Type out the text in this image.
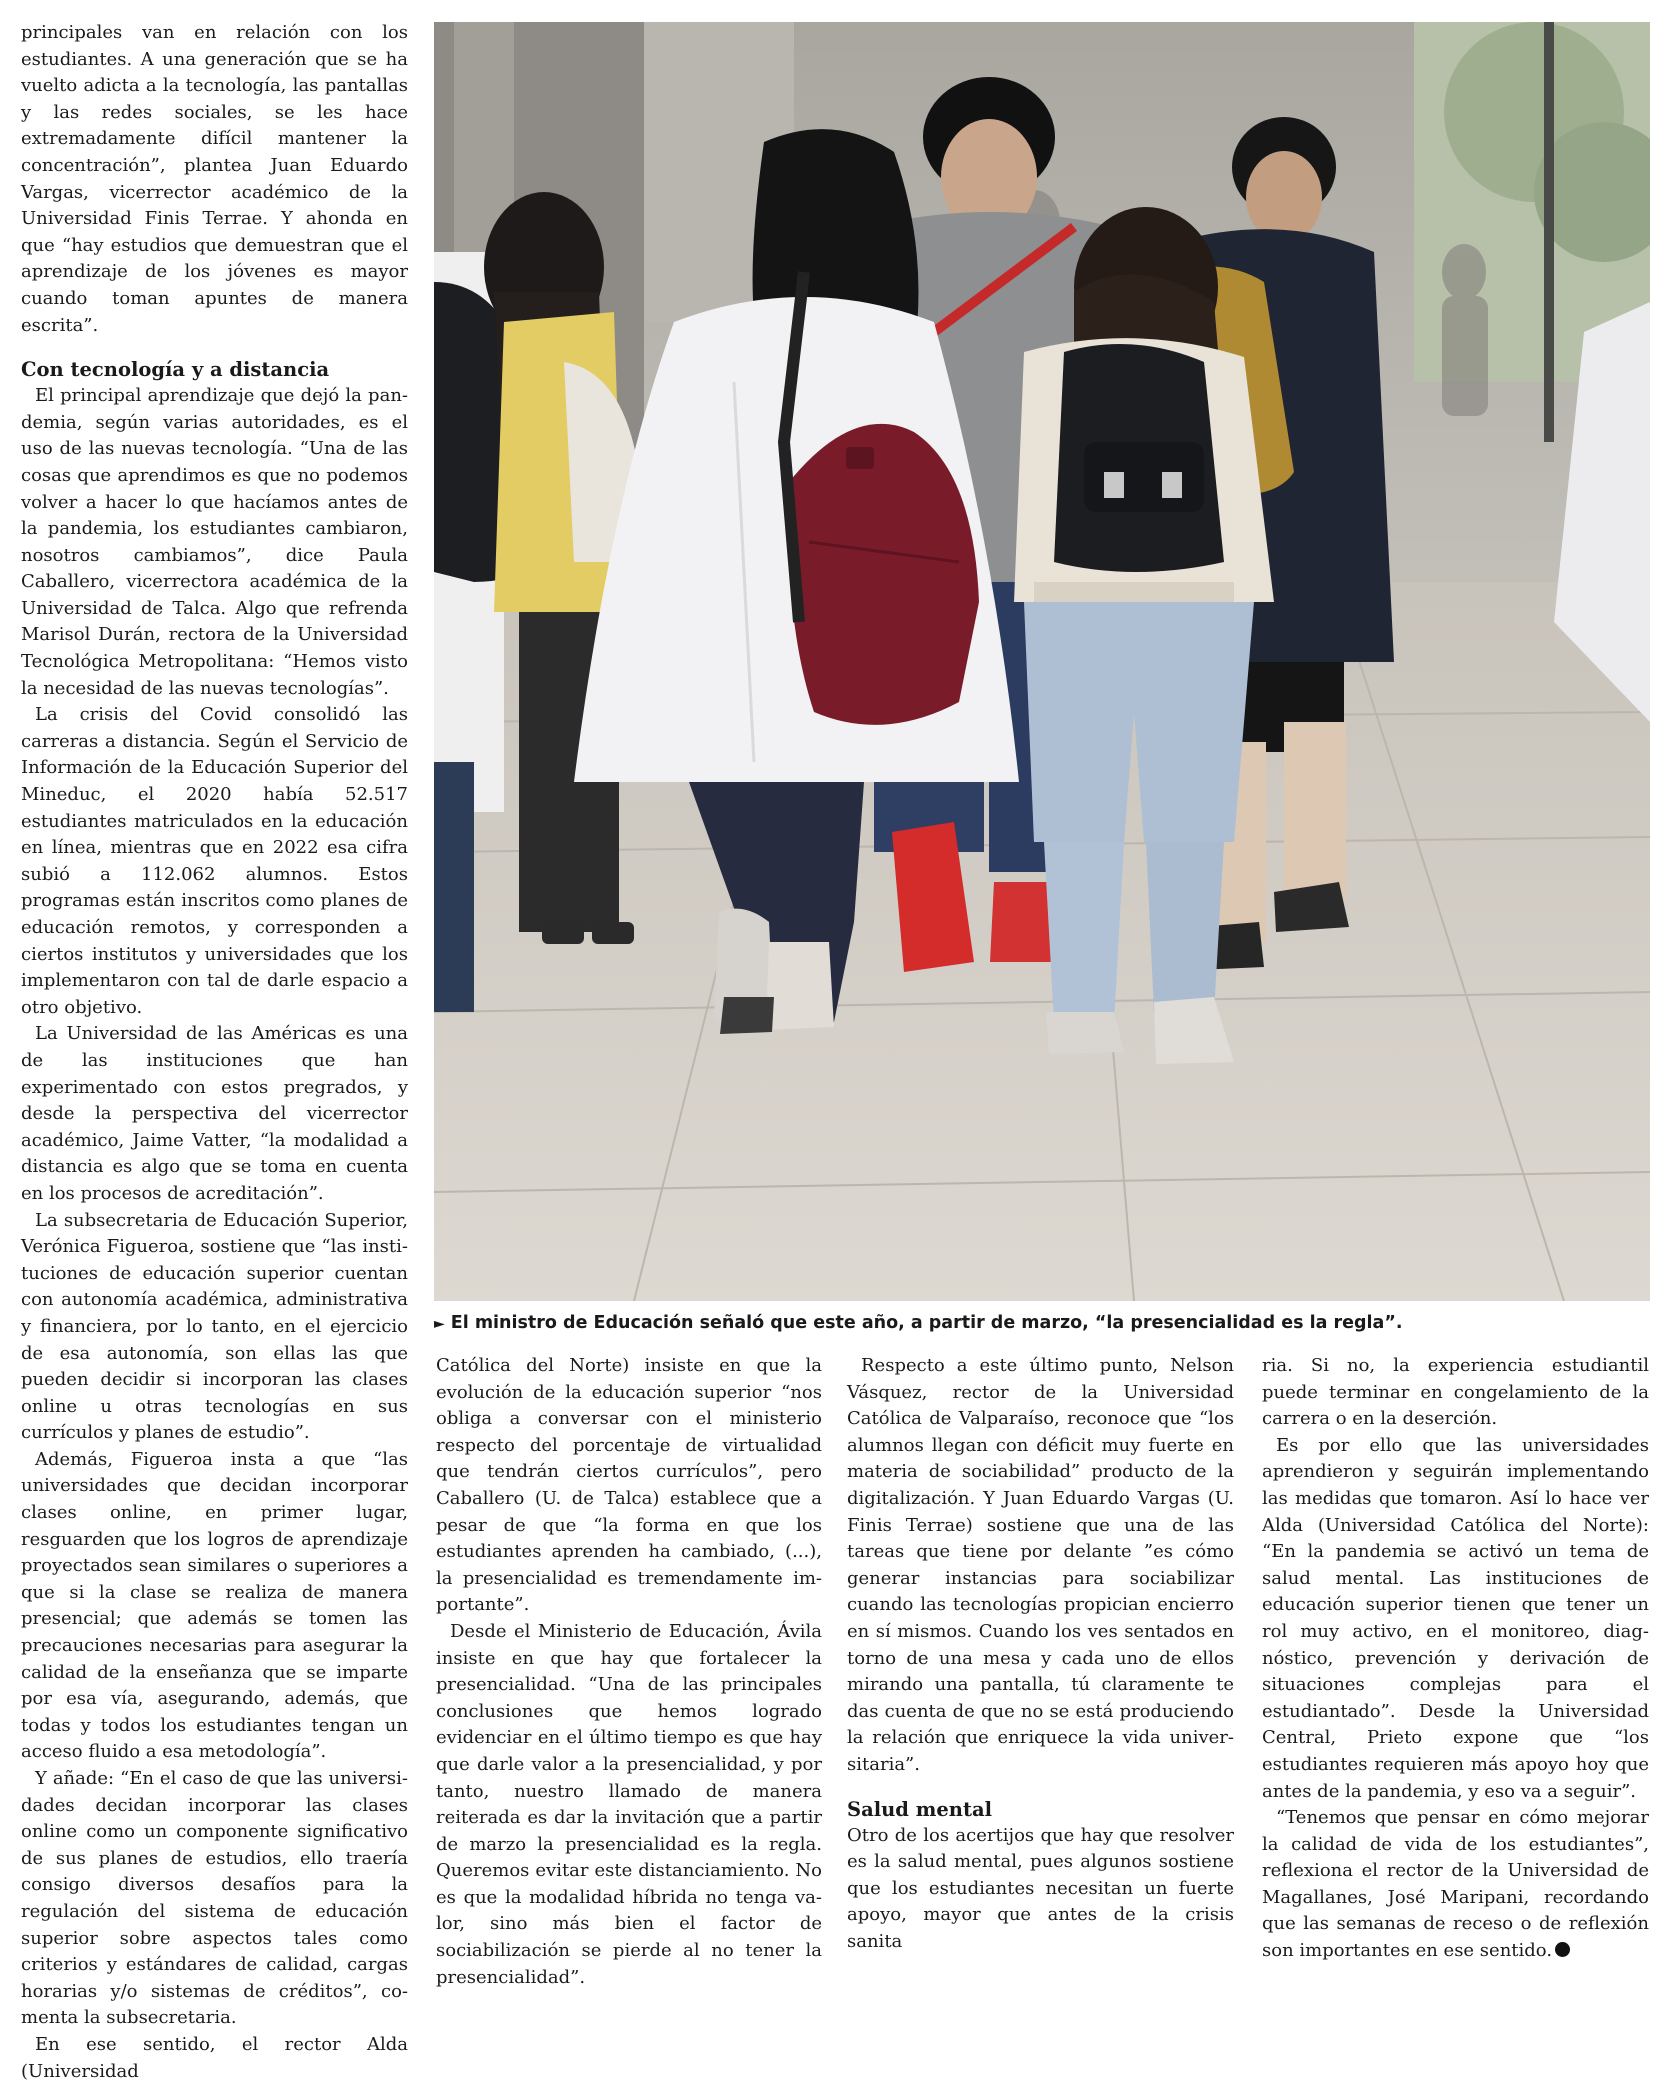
principales van en relación con los estudiantes. A una generación que se ha vuelto adicta a la tecnología, las pantallas y las redes sociales, se les hace extremadamente difícil mantener la concentración”, plantea Juan Eduardo Vargas, vicerrector académico de la Universidad Finis Terrae. Y ahonda en que “hay estudios que demuestran que el aprendizaje de los jóvenes es mayor cuando toman apuntes de manera escrita”.

Con tecnología y a distancia

El principal aprendizaje que dejó la pandemia, según varias autoridades, es el uso de las nuevas tecnología. “Una de las cosas que aprendimos es que no podemos volver a hacer lo que hacíamos antes de la pandemia, los estudiantes cambiaron, nosotros cambiamos”, dice Paula Caballero, vicerrectora académica de la Universidad de Talca. Algo que refrenda Marisol Durán, rectora de la Universidad Tecnológica Metropolitana: “Hemos visto la necesidad de las nuevas tecnologías”.

La crisis del Covid consolidó las carreras a distancia. Según el Servicio de Información de la Educación Superior del Mineduc, el 2020 había 52.517 estudiantes matriculados en la educación en línea, mientras que en 2022 esa cifra subió a 112.062 alumnos. Estos programas están inscritos como planes de educación remotos, y corresponden a ciertos institutos y universidades que los implementaron con tal de darle espacio a otro objetivo.

La Universidad de las Américas es una de las instituciones que han experimentado con estos pregrados, y desde la perspectiva del vicerrector académico, Jaime Vatter, “la modalidad a distancia es algo que se toma en cuenta en los procesos de acreditación”.

La subsecretaria de Educación Superior, Verónica Figueroa, sostiene que “las instituciones de educación superior cuentan con autonomía académica, administrativa y financiera, por lo tanto, en el ejercicio de esa autonomía, son ellas las que pueden decidir si incorporan las clases online u otras tecnologías en sus currículos y planes de estudio”.

Además, Figueroa insta a que “las universidades que decidan incorporar clases online, en primer lugar, resguarden que los logros de aprendizaje proyectados sean similares o superiores a que si la clase se realiza de manera presencial; que además se tomen las precauciones necesarias para asegurar la calidad de la enseñanza que se imparte por esa vía, asegurando, además, que todas y todos los estudiantes tengan un acceso fluido a esa metodología”.

Y añade: “En el caso de que las universidades decidan incorporar las clases online como un componente significativo de sus planes de estudios, ello traería consigo diversos desafíos para la regulación del sistema de educación superior sobre aspectos tales como criterios y estándares de calidad, cargas horarias y/o sistemas de créditos”, comenta la subsecretaria.

En ese sentido, el rector Alda (Universidad

► El ministro de Educación señaló que este año, a partir de marzo, “la presencialidad es la regla”.

Católica del Norte) insiste en que la evolución de la educación superior “nos obliga a conversar con el ministerio respecto del porcentaje de virtualidad que tendrán ciertos currículos”, pero Caballero (U. de Talca) establece que a pesar de que “la forma en que los estudiantes aprenden ha cambiado, (...), la presencialidad es tremendamente importante”.

Desde el Ministerio de Educación, Ávila insiste en que hay que fortalecer la presencialidad. “Una de las principales conclusiones que hemos logrado evidenciar en el último tiempo es que hay que darle valor a la presencialidad, y por tanto, nuestro llamado de manera reiterada es dar la invitación que a partir de marzo la presencialidad es la regla. Queremos evitar este distanciamiento. No es que la modalidad híbrida no tenga valor, sino más bien el factor de sociabilización se pierde al no tener la presencialidad”.

Respecto a este último punto, Nelson Vásquez, rector de la Universidad Católica de Valparaíso, reconoce que “los alumnos llegan con déficit muy fuerte en materia de sociabilidad” producto de la digitalización. Y Juan Eduardo Vargas (U. Finis Terrae) sostiene que una de las tareas que tiene por delante ”es cómo generar instancias para sociabilizar cuando las tecnologías propician encierro en sí mismos. Cuando los ves sentados en torno de una mesa y cada uno de ellos mirando una pantalla, tú claramente te das cuenta de que no se está produciendo la relación que enriquece la vida universitaria”.

Salud mental

Otro de los acertijos que hay que resolver es la salud mental, pues algunos sostiene que los estudiantes necesitan un fuerte apoyo, mayor que antes de la crisis sanita

ria. Si no, la experiencia estudiantil puede terminar en congelamiento de la carrera o en la deserción.

Es por ello que las universidades aprendieron y seguirán implementando las medidas que tomaron. Así lo hace ver Alda (Universidad Católica del Norte): “En la pandemia se activó un tema de salud mental. Las instituciones de educación superior tienen que tener un rol muy activo, en el monitoreo, diagnóstico, prevención y derivación de situaciones complejas para el estudiantado”. Desde la Universidad Central, Prieto expone que “los estudiantes requieren más apoyo hoy que antes de la pandemia, y eso va a seguir”.

“Tenemos que pensar en cómo mejorar la calidad de vida de los estudiantes”, reflexiona el rector de la Universidad de Magallanes, José Maripani, recordando que las semanas de receso o de reflexión son importantes en ese sentido.
